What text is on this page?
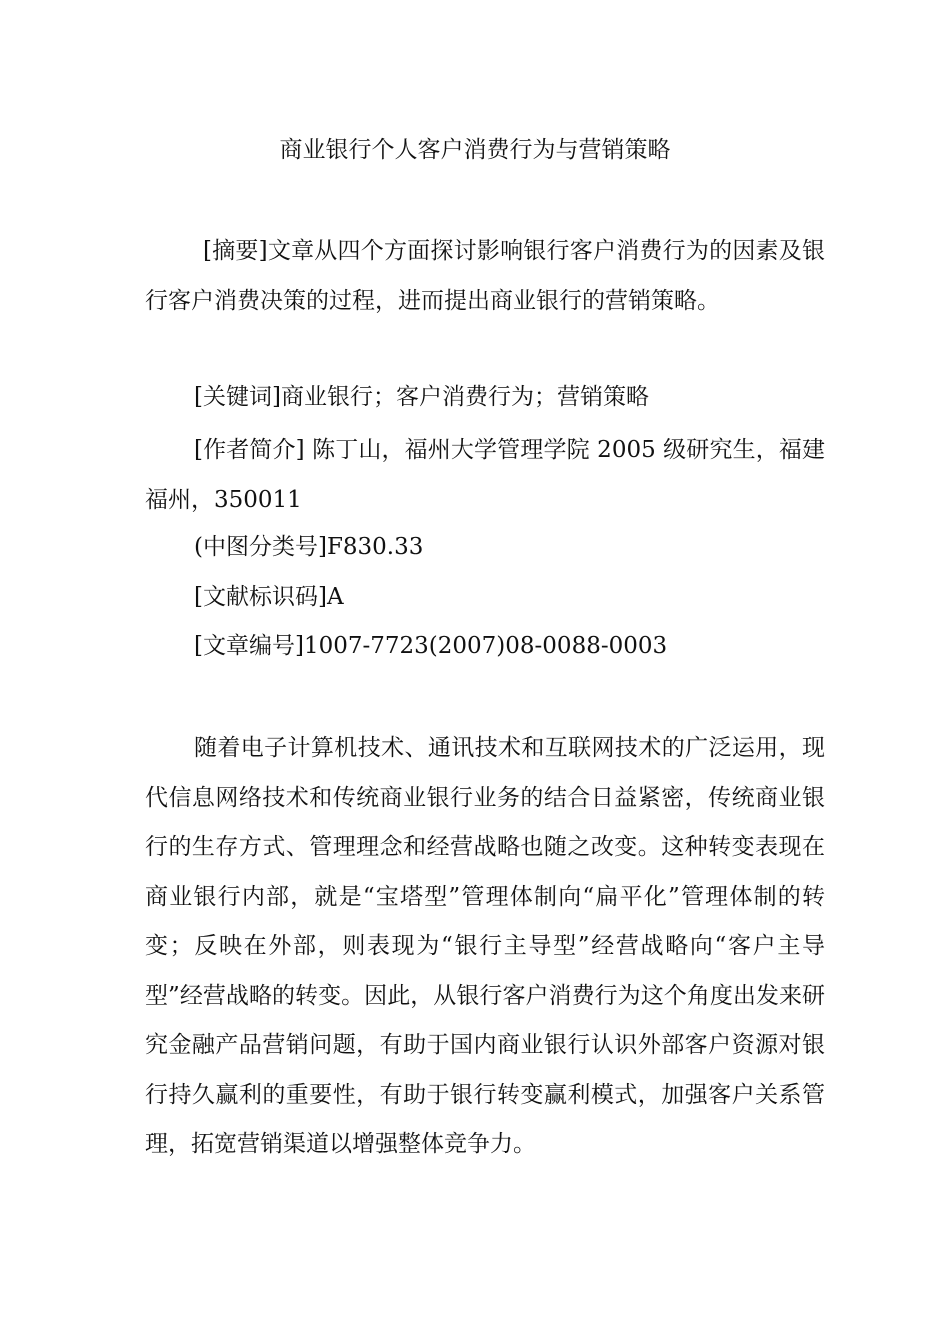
商业银行个人客户消费行为与营销策略

[摘要]文章从四个方面探讨影响银行客户消费行为的因素及银行客户消费决策的过程，进而提出商业银行的营销策略。

[关键词]商业银行；客户消费行为；营销策略

[作者简介] 陈丁山，福州大学管理学院 2005 级研究生，福建福州，350011

(中图分类号]F830.33
[文献标识码]A
[文章编号]1007-7723(2007)08-0088-0003

随着电子计算机技术、通讯技术和互联网技术的广泛运用，现代信息网络技术和传统商业银行业务的结合日益紧密，传统商业银行的生存方式、管理理念和经营战略也随之改变。这种转变表现在商业银行内部，就是“宝塔型”管理体制向“扁平化”管理体制的转变；反映在外部，则表现为“银行主导型”经营战略向“客户主导型”经营战略的转变。因此，从银行客户消费行为这个角度出发来研究金融产品营销问题，有助于国内商业银行认识外部客户资源对银行持久赢利的重要性，有助于银行转变赢利模式，加强客户关系管理，拓宽营销渠道以增强整体竞争力。
